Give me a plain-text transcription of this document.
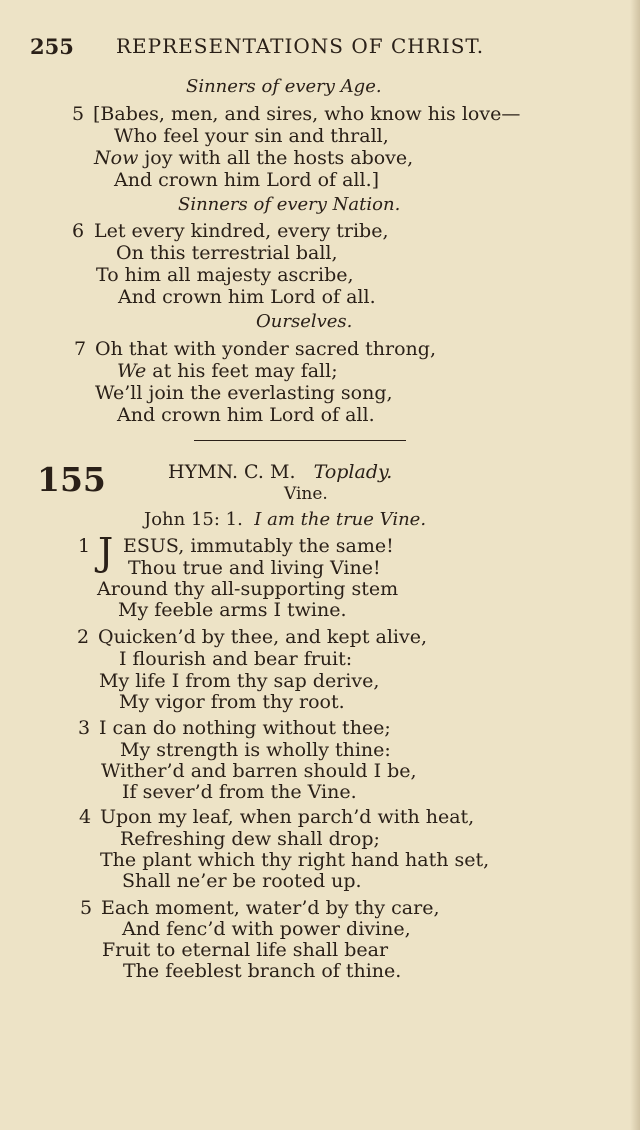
255 REPRESENTATIONS OF CHRIST.
Sinners of every Age.
5 [Babes, men, and sires, who know his love—
Who feel your sin and thrall,
Now joy with all the hosts above,
And crown him Lord of all.]
Sinners of every Nation.
6 Let every kindred, every tribe,
On this terrestrial ball,
To him all majesty ascribe,
And crown him Lord of all.
Ourselves.
7 Oh that with yonder sacred throng,
We at his feet may fall;
We’ll join the everlasting song,
And crown him Lord of all.
155	HYMN. C. M. Toplady.
Vine.
John 15: 1. I am the true Vine.
1 J ESUS, immutably the same!
Thou true and living Vine!
Around thy all-supporting stem
My feeble arms I twine.
2 Quicken’d by thee, and kept alive,
I flourish and bear fruit:
My life I from thy sap derive,
My vigor from thy root.
3 I can do nothing without thee;
My strength is wholly thine:
Wither’d and barren should I be,
If sever’d from the Vine.
4 Upon my leaf, when parch’d with heat,
Refreshing dew shall drop;
The plant which thy right hand hath set,
Shall ne’er be rooted up.
5 Each moment, water’d by thy care,
And fenc’d with power divine,
Fruit to eternal life shall bear
The feeblest branch of thine.
